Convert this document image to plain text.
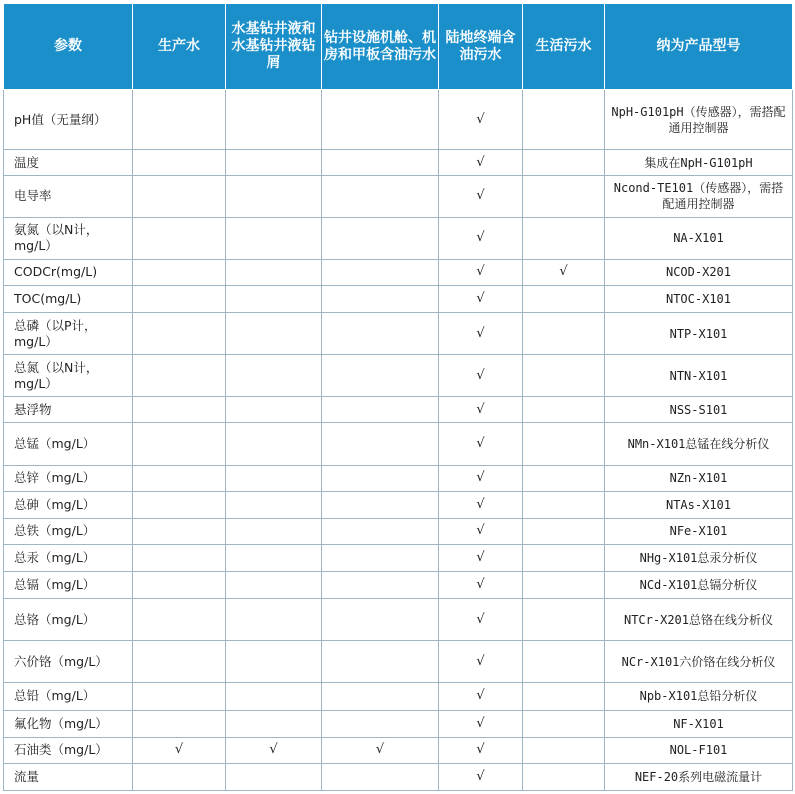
参数	生产水	水基钻井液和水基钻井液钻屑	钻井设施机舱、机房和甲板含油污水	陆地终端含油污水	生活污水	纳为产品型号
pH值（无量纲）				√		NpH-G101pH（传感器），需搭配通用控制器
温度				√		集成在NpH-G101pH
电导率				√		Ncond-TE101（传感器），需搭配通用控制器
氨氮（以N计，mg/L）				√		NA-X101
CODCr(mg/L)				√	√	NCOD-X201
TOC(mg/L)				√		NTOC-X101
总磷（以P计，mg/L）				√		NTP-X101
总氮（以N计，mg/L）				√		NTN-X101
悬浮物				√		NSS-S101
总锰（mg/L）				√		NMn-X101总锰在线分析仪
总锌（mg/L）				√		NZn-X101
总砷（mg/L）				√		NTAs-X101
总铁（mg/L）				√		NFe-X101
总汞（mg/L）				√		NHg-X101总汞分析仪
总镉（mg/L）				√		NCd-X101总镉分析仪
总铬（mg/L）				√		NTCr-X201总铬在线分析仪
六价铬（mg/L）				√		NCr-X101六价铬在线分析仪
总铅（mg/L）				√		Npb-X101总铅分析仪
氟化物（mg/L）				√		NF-X101
石油类（mg/L）	√	√	√	√		NOL-F101
流量				√		NEF-20系列电磁流量计
